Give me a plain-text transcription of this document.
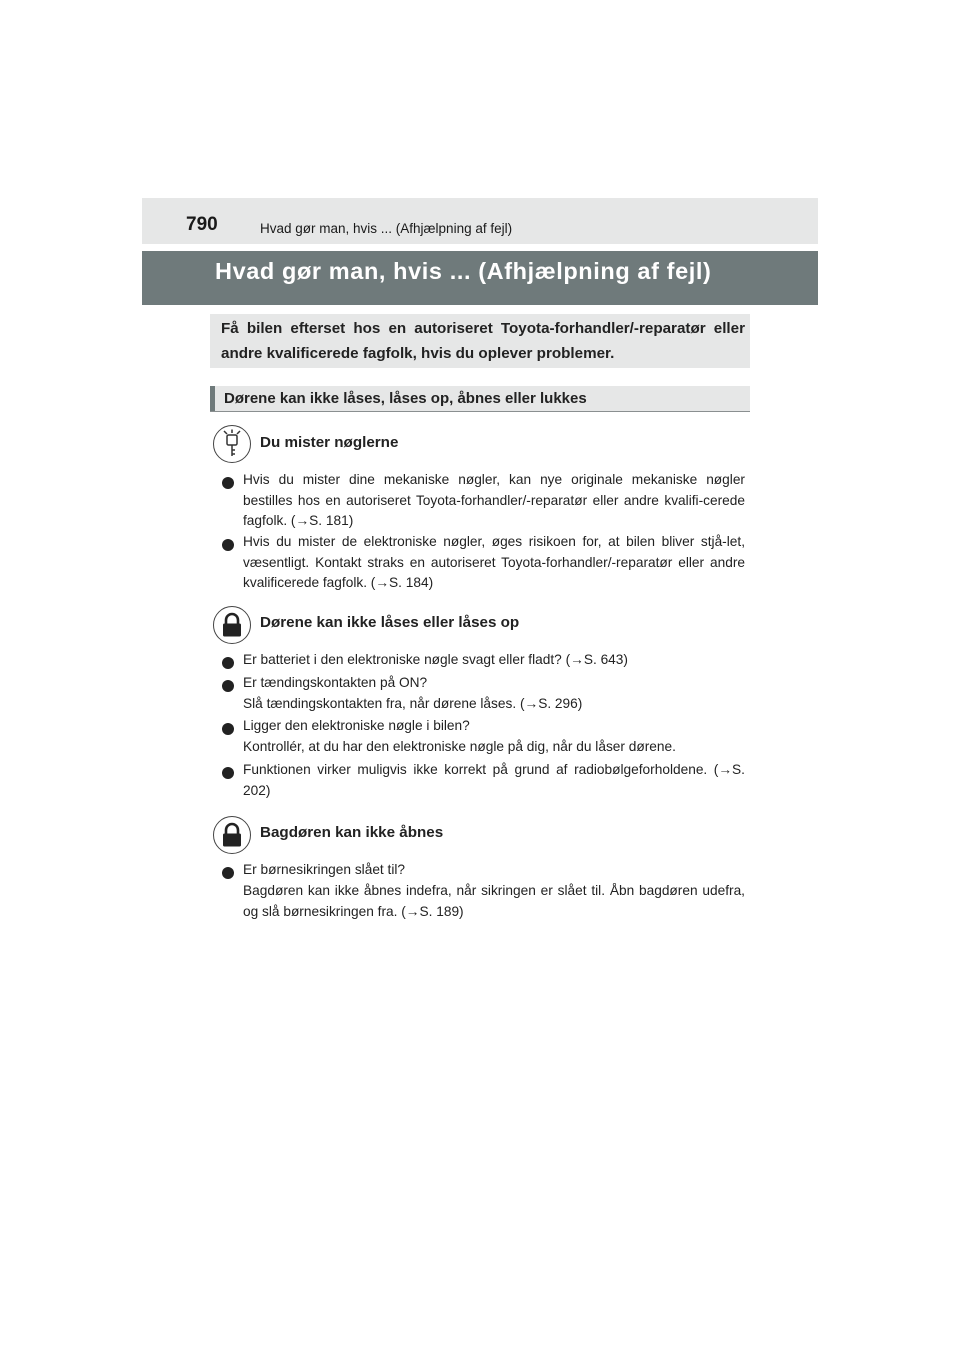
790	Hvad gør man, hvis ... (Afhjælpning af fejl)
Hvad gør man, hvis ... (Afhjælpning af fejl)
Få bilen efterset hos en autoriseret Toyota-forhandler/-reparatør eller andre kvalificerede fagfolk, hvis du oplever problemer.
Dørene kan ikke låses, låses op, åbnes eller lukkes
Du mister nøglerne
Hvis du mister dine mekaniske nøgler, kan nye originale mekaniske nøgler bestilles hos en autoriseret Toyota-forhandler/-reparatør eller andre kvalifi-cerede fagfolk. (→S. 181)
Hvis du mister de elektroniske nøgler, øges risikoen for, at bilen bliver stjå-let, væsentligt. Kontakt straks en autoriseret Toyota-forhandler/-reparatør eller andre kvalificerede fagfolk. (→S. 184)
Dørene kan ikke låses eller låses op
Er batteriet i den elektroniske nøgle svagt eller fladt? (→S. 643)
Er tændingskontakten på ON?
Slå tændingskontakten fra, når dørene låses. (→S. 296)
Ligger den elektroniske nøgle i bilen?
Kontrollér, at du har den elektroniske nøgle på dig, når du låser dørene.
Funktionen virker muligvis ikke korrekt på grund af radiobølgeforholdene. (→S. 202)
Bagdøren kan ikke åbnes
Er børnesikringen slået til?
Bagdøren kan ikke åbnes indefra, når sikringen er slået til. Åbn bagdøren udefra, og slå børnesikringen fra. (→S. 189)
